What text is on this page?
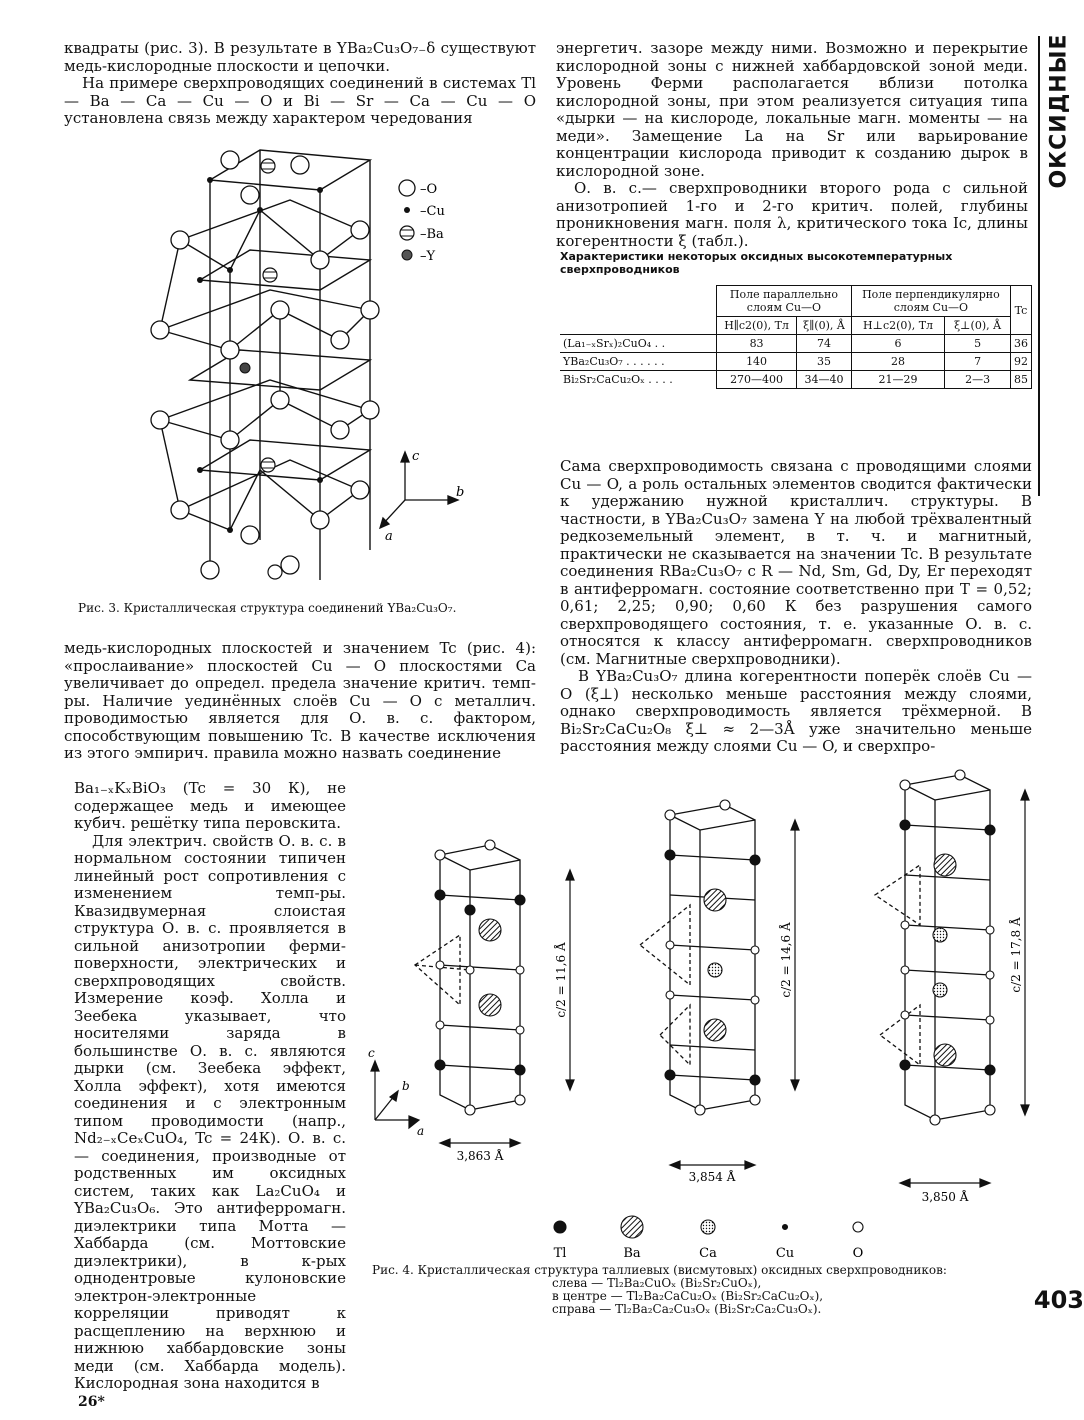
ОКСИДНЫЕ
403
26*

квадраты (рис. 3). В результате в YBa₂Cu₃O₇₋δ существуют медь-кислородные плоскости и цепочки.

На примере сверхпроводящих соединений в системах Tl — Ba — Ca — Cu — O и Bi — Sr — Ca — Cu — O установлена связь между характером чередования

–O
–Cu
–Ba
–Y
c
b
a
Рис. 3. Кристаллическая структура соединений YBa₂Cu₃O₇.

медь-кислородных плоскостей и значением Tc (рис. 4): «прослаивание» плоскостей Cu — O плоскостями Ca увеличивает до определ. предела значение критич. темп-ры. Наличие уединённых слоёв Cu — O с металлич. проводимостью является для О. в. с. фактором, способствующим повышению Tc. В качестве исключения из этого эмпирич. правила можно назвать соединение

Ba₁₋ₓKₓBiO₃ (Tc = 30 К), не содержащее медь и имеющее кубич. решётку типа перовскита.

Для электрич. свойств О. в. с. в нормальном состоянии типичен линейный рост сопротивления с изменением темп-ры. Квазидвумерная слоистая структура О. в. с. проявляется в сильной анизотропии ферми-поверхности, электрических и сверхпроводящих свойств. Измерение коэф. Холла и Зеебека указывает, что носителями заряда в большинстве О. в. с. являются дырки (см. Зеебека эффект, Холла эффект), хотя имеются соединения и с электронным типом проводимости (напр., Nd₂₋ₓCeₓCuO₄, Tc = 24К). О. в. с.— соединения, производные от родственных им оксидных систем, таких как La₂CuO₄ и YBa₂Cu₃O₆. Это антиферромагн. диэлектрики типа Мотта — Хаббарда (см. Моттовские диэлектрики), в к-рых однодентровые кулоновские электрон-электронные корреляции приводят к расщеплению на верхнюю и нижнюю хаббардовские зоны меди (см. Хаббарда модель). Кислородная зона находится в

энергетич. зазоре между ними. Возможно и перекрытие кислородной зоны с нижней хаббардовской зоной меди. Уровень Ферми располагается вблизи потолка кислородной зоны, при этом реализуется ситуация типа «дырки — на кислороде, локальные магн. моменты — на меди». Замещение La на Sr или варьирование концентрации кислорода приводит к созданию дырок в кислородной зоне.

О. в. с.— сверхпроводники второго рода с сильной анизотропией 1-го и 2-го критич. полей, глубины проникновения магн. поля λ, критического тока Ic, длины когерентности ξ (табл.).

Характеристики некоторых оксидных высокотемпературных сверхпроводников
	Поле параллельно слоям Cu—O		Поле перпендикулярно слоям Cu—O		Tc
	H∥c2(0), Тл	ξ∥(0), Å	H⊥c2(0), Тл	ξ⊥(0), Å	
(La₁₋ₓSrₓ)₂CuO₄ . .	83	74	6	5	36
YBa₂Cu₃O₇ . . . . . .	140	35	28	7	92
Bi₂Sr₂CaCu₂Oₓ . . . .	270—400	34—40	21—29	2—3	85

Сама сверхпроводимость связана с проводящими слоями Cu — O, а роль остальных элементов сводится фактически к удержанию нужной кристаллич. структуры. В частности, в YBa₂Cu₃O₇ замена Y на любой трёхвалентный редкоземельный элемент, в т. ч. и магнитный, практически не сказывается на значении Tc. В результате соединения RBa₂Cu₃O₇ с R — Nd, Sm, Gd, Dy, Er переходят в антиферромагн. состояние соответственно при T = 0,52; 0,61; 2,25; 0,90; 0,60 К без разрушения самого сверхпроводящего состояния, т. е. указанные О. в. с. относятся к классу антиферромагн. сверхпроводников (см. Магнитные сверхпроводники).

В YBa₂Cu₃O₇ длина когерентности поперёк слоёв Cu — O (ξ⊥) несколько меньше расстояния между слоями, однако сверхпроводимость является трёхмерной. В Bi₂Sr₂CaCu₂O₈ ξ⊥ ≈ 2—3Å уже значительно меньше расстояния между слоями Cu — O, и сверхпро-

c/2 = 11,6 Å	c/2 = 14,6 Å	c/2 = 17,8 Å
3,863 Å
3,854 Å
3,850 Å
c
b
a
Tl	Ba	Ca	Cu	O
Рис. 4. Кристаллическая структура таллиевых (висмутовых) оксидных сверхпроводников:
слева — Tl₂Ba₂CuOₓ (Bi₂Sr₂CuOₓ),
в центре — Tl₂Ba₂CaCu₂Oₓ (Bi₂Sr₂CaCu₂Oₓ),
справа — Tl₂Ba₂Ca₂Cu₃Oₓ (Bi₂Sr₂Ca₂Cu₃Oₓ).
